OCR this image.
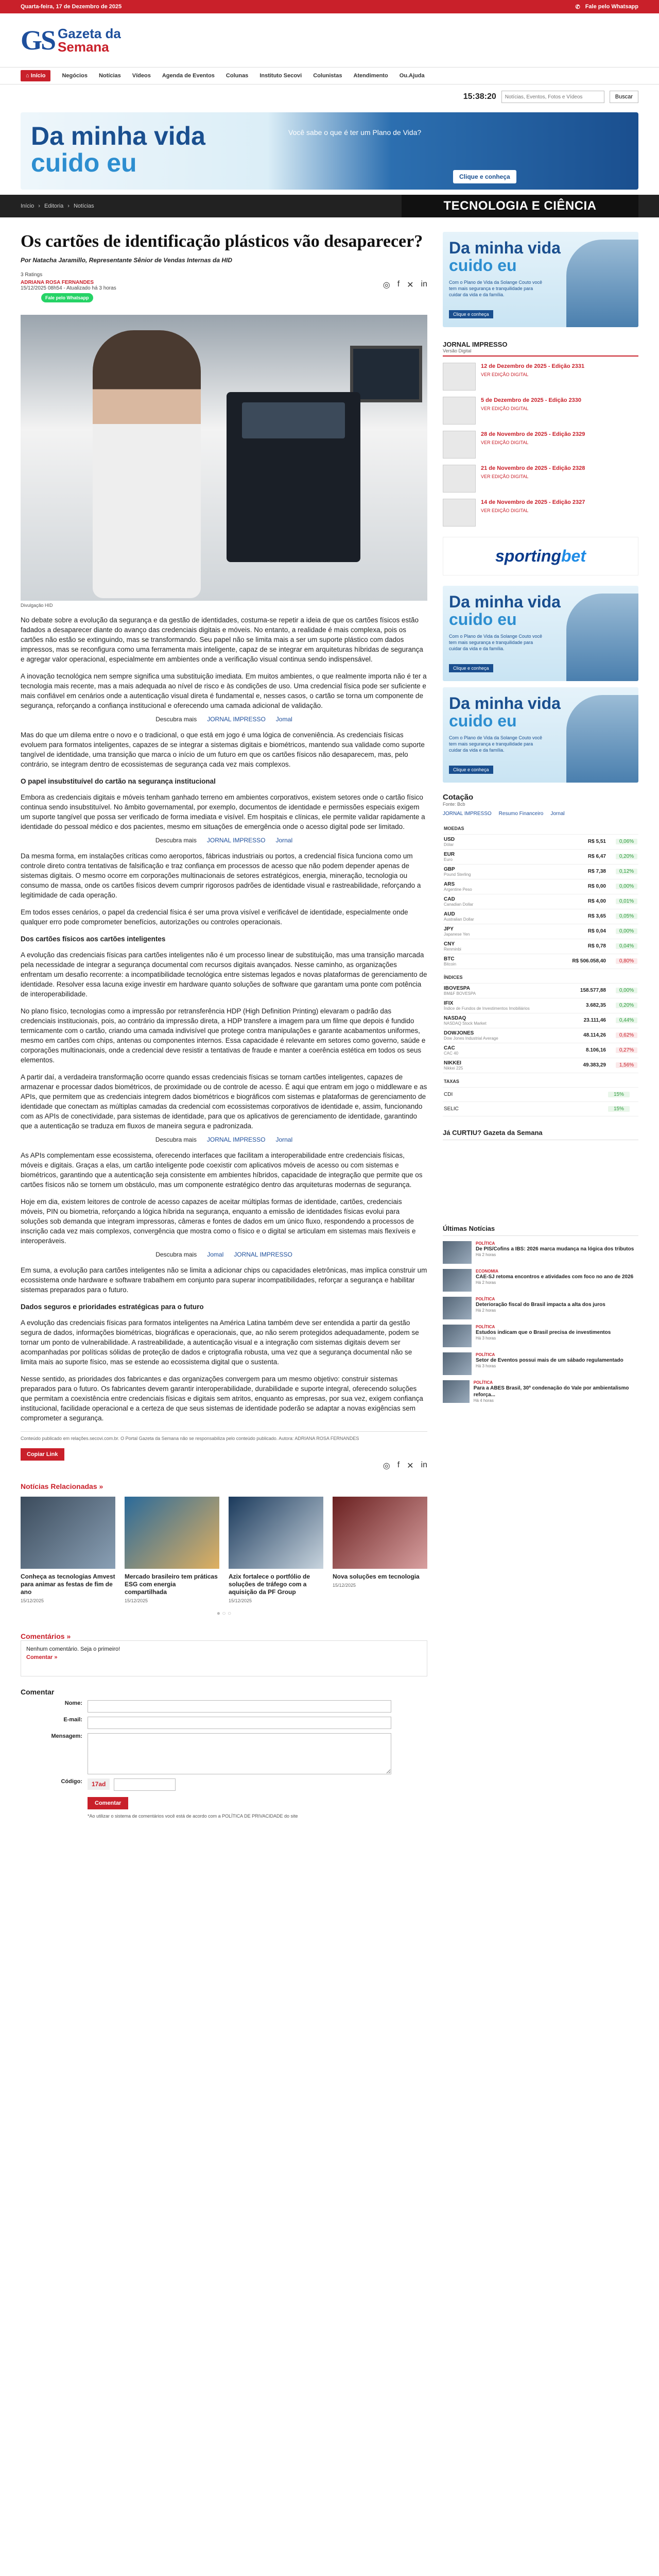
Quarta-feira, 17 de Dezembro de 2025	✆ Fale pelo Whatsapp
GS Gazeta da
Semana
⌂ Início	Negócios Notícias Vídeos Agenda de Eventos Colunas Instituto Secovi Colunistas Atendimento Ou.Ajuda
15:38:20
Notícias, Eventos, Fotos e Vídeos	Buscar
Da minha vida
cuido eu
Você sabe o que é ter um Plano de Vida?
Clique e conheça
Início › Editoria › Notícias	TECNOLOGIA E CIÊNCIA
Os cartões de identificação plásticos vão desaparecer?
Por Natacha Jaramillo, Representante Sênior de Vendas Internas da HID
3 Ratings
ADRIANA ROSA FERNANDES
15/12/2025 08h54 - Atualizado há 3 horas	◎ f ✕ in
Fale pelo Whatsapp
Divulgação HID

No debate sobre a evolução da segurança e da gestão de identidades, costuma-se repetir a ideia de que os cartões físicos estão fadados a desaparecer diante do avanço das credenciais digitais e móveis. No entanto, a realidade é mais complexa, pois os cartões não estão se extinguindo, mas se transformando. Seu papel não se limita mais a ser um suporte plástico com dados impressos, mas se reconfigura como uma ferramenta mais inteligente, capaz de se integrar em arquiteturas híbridas de segurança e agregar valor operacional, especialmente em ambientes onde a verificação visual continua sendo indispensável.

A inovação tecnológica nem sempre significa uma substituição imediata. Em muitos ambientes, o que realmente importa não é ter a tecnologia mais recente, mas a mais adequada ao nível de risco e às condições de uso. Uma credencial física pode ser suficiente e mais confiável em cenários onde a autenticação visual direta é fundamental e, nesses casos, o cartão se torna um componente de segurança, reforçando a confiança institucional e oferecendo uma camada adicional de validação.

Descubra mais JORNAL IMPRESSO Jomal

Mas do que um dilema entre o novo e o tradicional, o que está em jogo é uma lógica de conveniência. As credenciais físicas evoluem para formatos inteligentes, capazes de se integrar a sistemas digitais e biométricos, mantendo sua validade como suporte tangível de identidade, uma transição que marca o início de um futuro em que os cartões físicos não desaparecem, mas, pelo contrário, se integram dentro de ecossistemas de segurança cada vez mais complexos.

O papel insubstituível do cartão na segurança institucional

Embora as credenciais digitais e móveis tenham ganhado terreno em ambientes corporativos, existem setores onde o cartão físico continua sendo insubstituível. No âmbito governamental, por exemplo, documentos de identidade e permissões especiais exigem um suporte tangível que possa ser verificado de forma imediata e visível. Em hospitais e clínicas, ele permite validar rapidamente a identidade do pessoal médico e dos pacientes, mesmo em situações de emergência onde o acesso digital pode ser limitado.

Descubra mais JORNAL IMPRESSO Jornal

Da mesma forma, em instalações críticas como aeroportos, fábricas industriais ou portos, a credencial física funciona como um controle direto contra tentativas de falsificação e traz confiança em processos de acesso que não podem depender apenas de sistemas digitais. O mesmo ocorre em corporações multinacionais de setores estratégicos, energia, mineração, tecnologia ou consumo de massa, onde os cartões físicos devem cumprir rigorosos padrões de identidade visual e rastreabilidade, reforçando a legitimidade de cada operação.

Em todos esses cenários, o papel da credencial física é ser uma prova visível e verificável de identidade, especialmente onde qualquer erro pode comprometer benefícios, autorizações ou controles operacionais.

Dos cartões físicos aos cartões inteligentes

A evolução das credenciais físicas para cartões inteligentes não é um processo linear de substituição, mas uma transição marcada pela necessidade de integrar a segurança documental com recursos digitais avançados. Nesse caminho, as organizações enfrentam um desafio recorrente: a incompatibilidade tecnológica entre sistemas legados e novas plataformas de gerenciamento de identidade. Resolver essa lacuna exige investir em hardware quanto soluções de software que garantam uma ponte com potência de interoperabilidade.

No plano físico, tecnologias como a impressão por retransferência HDP (High Definition Printing) elevaram o padrão das credenciais institucionais, pois, ao contrário da impressão direta, a HDP transfere a imagem para um filme que depois é fundido termicamente com o cartão, criando uma camada indivisível que protege contra manipulações e garante acabamentos uniformes, mesmo em cartões com chips, antenas ou componentes internos. Essa capacidade é relevante em setores como governo, saúde e corporações multinacionais, onde a credencial deve resistir a tentativas de fraude e manter a coerência estética em todos os seus elementos.

A partir daí, a verdadeira transformação ocorre quando essas credenciais físicas se tornam cartões inteligentes, capazes de armazenar e processar dados biométricos, de proximidade ou de controle de acesso. É aqui que entram em jogo o middleware e as APIs, que permitem que as credenciais integrem dados biométricos e biográficos com sistemas e plataformas de gerenciamento de identidade que conectam as múltiplas camadas da credencial com ecossistemas corporativos de identidade e, assim, funcionando com as APIs de conectividade, para sistemas de identidade, para que os aplicativos de gerenciamento de identidade, garantindo que a autenticação se traduza em fluxos de maneira segura e padronizada.

Descubra mais JORNAL IMPRESSO Jornal

As APIs complementam esse ecossistema, oferecendo interfaces que facilitam a interoperabilidade entre credenciais físicas, móveis e digitais. Graças a elas, um cartão inteligente pode coexistir com aplicativos móveis de acesso ou com sistemas e biométricos, garantindo que a autenticação seja consistente em ambientes híbridos, capacidade de integração que permite que os cartões físicos não se tornem um obstáculo, mas um componente estratégico dentro das arquiteturas modernas de segurança.

Hoje em dia, existem leitores de controle de acesso capazes de aceitar múltiplas formas de identidade, cartões, credenciais móveis, PIN ou biometria, reforçando a lógica híbrida na segurança, enquanto a emissão de identidades físicas evolui para soluções sob demanda que integram impressoras, câmeras e fontes de dados em um único fluxo, respondendo a processos de inscrição cada vez mais complexos, convergência que mostra como o físico e o digital se articulam em sistemas mais flexíveis e interoperáveis.

Descubra mais Jomal JORNAL IMPRESSO

Em suma, a evolução para cartões inteligentes não se limita a adicionar chips ou capacidades eletrônicas, mas implica construir um ecossistema onde hardware e software trabalhem em conjunto para superar incompatibilidades, reforçar a segurança e habilitar sistemas preparados para o futuro.

Dados seguros e prioridades estratégicas para o futuro

A evolução das credenciais físicas para formatos inteligentes na América Latina também deve ser entendida a partir da gestão segura de dados, informações biométricas, biográficas e operacionais, que, ao não serem protegidos adequadamente, podem se tornar um ponto de vulnerabilidade. A rastreabilidade, a autenticação visual e a integração com sistemas digitais devem ser acompanhadas por políticas sólidas de proteção de dados e criptografia robusta, uma vez que a segurança documental não se limita mais ao suporte físico, mas se estende ao ecossistema digital que o sustenta.

Nesse sentido, as prioridades dos fabricantes e das organizações convergem para um mesmo objetivo: construir sistemas preparados para o futuro. Os fabricantes devem garantir interoperabilidade, durabilidade e suporte integral, oferecendo soluções que permitam a coexistência entre credenciais físicas e digitais sem atritos, enquanto as empresas, por sua vez, exigem confiança institucional, facilidade operacional e a certeza de que seus sistemas de identidade poderão se adaptar a novas exigências sem comprometer a segurança.

Conteúdo publicado em relações.secovi.com.br. O Portal Gazeta da Semana não se responsabiliza pelo conteúdo publicado. Autora: ADRIANA ROSA FERNANDES
Copiar Link
◎ f ✕ in
Notícias Relacionadas »
Conheça as tecnologias Amvest para animar as festas de fim de ano
15/12/2025
Mercado brasileiro tem práticas ESG com energia compartilhada
15/12/2025
Azix fortalece o portfólio de soluções de tráfego com a aquisição da PF Group
15/12/2025
Nova soluções em tecnologia
15/12/2025
● ○ ○
Comentários »
Nenhum comentário. Seja o primeiro!
Comentar »
Comentar
Nome:
E-mail:
Mensagem:
Código:	17ad
Comentar
*Ao utilizar o sistema de comentários você está de acordo com a POLÍTICA DE PRIVACIDADE do site
Da minha vida
cuido eu
Com o Plano de Vida da Solange Couto você tem mais segurança e tranquilidade para cuidar da vida e da família.
Clique e conheça
JORNAL IMPRESSO
Versão Digital
12 de Dezembro de 2025 - Edição 2331
VER EDIÇÃO DIGITAL
5 de Dezembro de 2025 - Edição 2330
VER EDIÇÃO DIGITAL
28 de Novembro de 2025 - Edição 2329
VER EDIÇÃO DIGITAL
21 de Novembro de 2025 - Edição 2328
VER EDIÇÃO DIGITAL
14 de Novembro de 2025 - Edição 2327
VER EDIÇÃO DIGITAL
sporting bet
Da minha vida
cuido eu
Com o Plano de Vida da Solange Couto você tem mais segurança e tranquilidade para cuidar da vida e da família.
Clique e conheça
Da minha vida
cuido eu
Com o Plano de Vida da Solange Couto você tem mais segurança e tranquilidade para cuidar da vida e da família.
Clique e conheça
Cotação
Fonte: Bcb
JORNAL IMPRESSO Resumo Financeiro Jornal
MOEDAS		

USD
Dólar	R$ 5,51	0,06%

EUR
Euro	R$ 6,47	0,20%

GBP
Pound Sterling	R$ 7,38	0,12%

ARS
Argentine Peso	R$ 0,00	0,00%

CAD
Canadian Dollar	R$ 4,00	0,01%

AUD
Australian Dollar	R$ 3,65	0,05%

JPY
Japanese Yen	R$ 0,04	0,00%

CNY
Renminbi	R$ 0,78	0,04%

BTC
Bitcoin	R$ 506.058,40	0,80%
ÍNDICES		

IBOVESPA
BM&F BOVESPA	158.577,88	0,00%

IFIX
Índice de Fundos de Investimentos Imobiliários	3.682,35	0,20%

NASDAQ
NASDAQ Stock Market	23.111,46	0,44%

DOWJONES
Dow Jones Industrial Average	48.114,26	0,62%

CAC
CAC 40	8.106,16	0,27%

NIKKEI
Nikkei 225	49.383,29	1,56%
TAXAS		
CDI		15%
SELIC		15%
Já CURTIU? Gazeta da Semana
Últimas Notícias
POLÍTICA
De PIS/Cofins a IBS: 2026 marca mudança na lógica dos tributos
Há 2 horas
ECONOMIA
CAE-SJ retoma encontros e atividades com foco no ano de 2026
Há 2 horas
POLÍTICA
Deterioração fiscal do Brasil impacta a alta dos juros
Há 2 horas
POLÍTICA
Estudos indicam que o Brasil precisa de investimentos
Há 3 horas
POLÍTICA
Setor de Eventos possui mais de um sábado regulamentado
Há 3 horas
POLÍTICA
Para a ABES Brasil, 30ª condenação do Vale por ambientalismo reforça...
Há 4 horas
